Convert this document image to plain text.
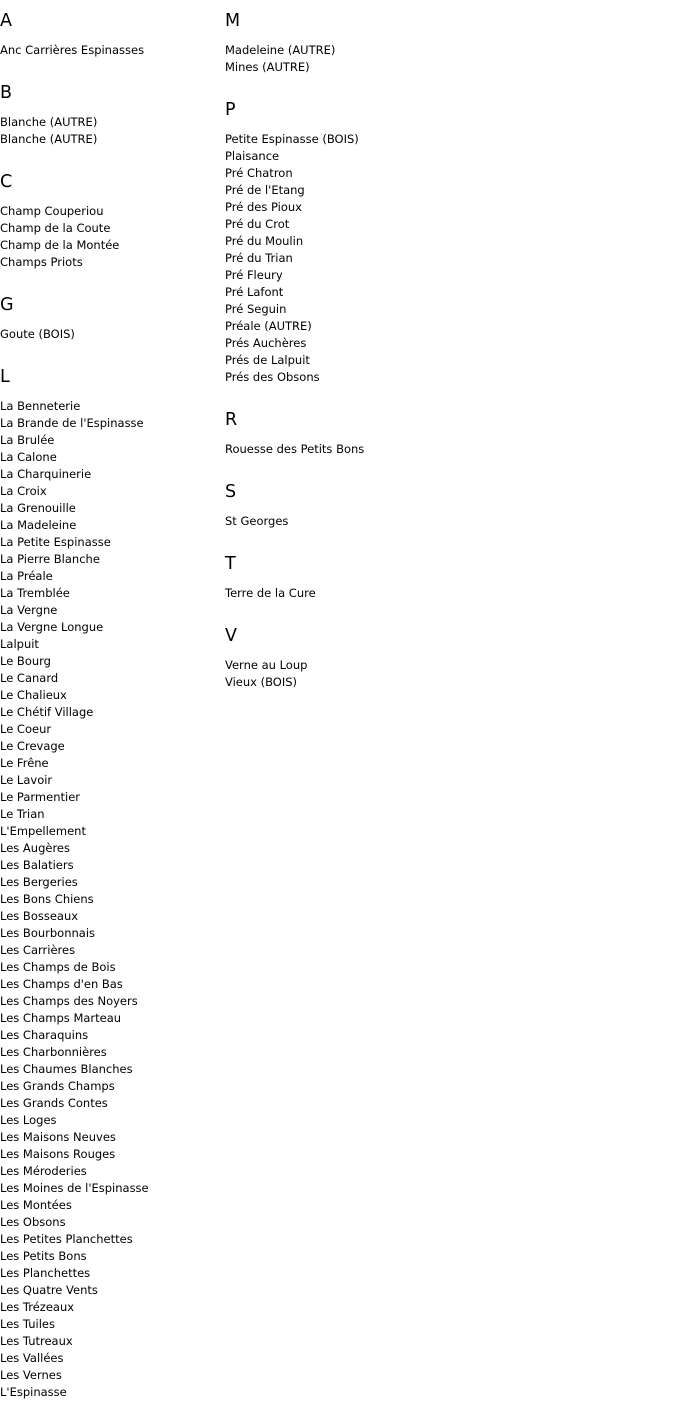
A
Anc Carrières Espinasses
B
Blanche (AUTRE)
Blanche (AUTRE)
C
Champ Couperiou
Champ de la Coute
Champ de la Montée
Champs Priots
G
Goute (BOIS)
L
La Benneterie
La Brande de l'Espinasse
La Brulée
La Calone
La Charquinerie
La Croix
La Grenouille
La Madeleine
La Petite Espinasse
La Pierre Blanche
La Préale
La Tremblée
La Vergne
La Vergne Longue
Lalpuit
Le Bourg
Le Canard
Le Chalieux
Le Chétif Village
Le Coeur
Le Crevage
Le Frêne
Le Lavoir
Le Parmentier
Le Trian
L'Empellement
Les Augères
Les Balatiers
Les Bergeries
Les Bons Chiens
Les Bosseaux
Les Bourbonnais
Les Carrières
Les Champs de Bois
Les Champs d'en Bas
Les Champs des Noyers
Les Champs Marteau
Les Charaquins
Les Charbonnières
Les Chaumes Blanches
Les Grands Champs
Les Grands Contes
Les Loges
Les Maisons Neuves
Les Maisons Rouges
Les Méroderies
Les Moines de l'Espinasse
Les Montées
Les Obsons
Les Petites Planchettes
Les Petits Bons
Les Planchettes
Les Quatre Vents
Les Trézeaux
Les Tuiles
Les Tutreaux
Les Vallées
Les Vernes
L'Espinasse
M
Madeleine (AUTRE)
Mines (AUTRE)
P
Petite Espinasse (BOIS)
Plaisance
Pré Chatron
Pré de l'Etang
Pré des Pioux
Pré du Crot
Pré du Moulin
Pré du Trian
Pré Fleury
Pré Lafont
Pré Seguin
Préale (AUTRE)
Prés Auchères
Prés de Lalpuit
Prés des Obsons
R
Rouesse des Petits Bons
S
St Georges
T
Terre de la Cure
V
Verne au Loup
Vieux (BOIS)
